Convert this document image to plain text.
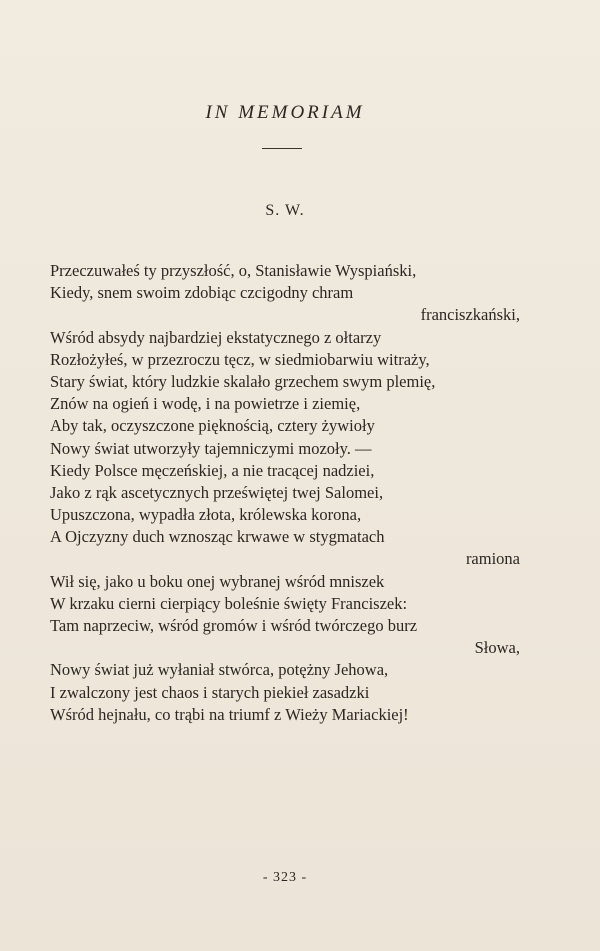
IN MEMORIAM
S. W.
Przeczuwałeś ty przyszłość, o, Stanisławie Wyspiański,
Kiedy, snem swoim zdobiąc czcigodny chram
franciszkański,
Wśród absydy najbardziej ekstatycznego z ołtarzy
Rozłożyłeś, w przezroczu tęcz, w siedmiobarwiu witraży,
Stary świat, który ludzkie skalało grzechem swym plemię,
Znów na ogień i wodę, i na powietrze i ziemię,
Aby tak, oczyszczone pięknością, cztery żywioły
Nowy świat utworzyły tajemniczymi mozoły. —
Kiedy Polsce męczeńskiej, a nie tracącej nadziei,
Jako z rąk ascetycznych przeświętej twej Salomei,
Upuszczona, wypadła złota, królewska korona,
A Ojczyzny duch wznosząc krwawe w stygmatach
ramiona
Wił się, jako u boku onej wybranej wśród mniszek
W krzaku cierni cierpiący boleśnie święty Franciszek:
Tam naprzeciw, wśród gromów i wśród twórczego burz
Słowa,
Nowy świat już wyłaniał stwórca, potężny Jehowa,
I zwalczony jest chaos i starych piekieł zasadzki
Wśród hejnału, co trąbi na triumf z Wieży Mariackiej!
- 323 -
